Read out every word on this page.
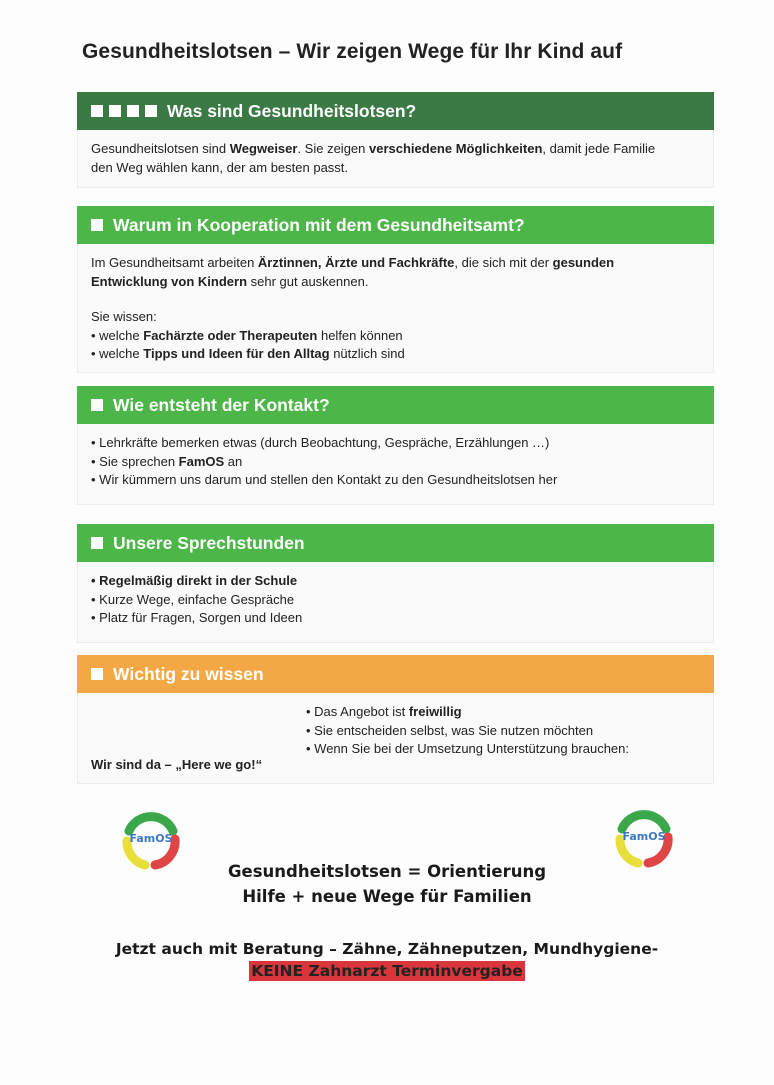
Gesundheitslotsen – Wir zeigen Wege für Ihr Kind auf
Was sind Gesundheitslotsen?

Gesundheitslotsen sind Wegweiser. Sie zeigen verschiedene Möglichkeiten, damit jede Familie

den Weg wählen kann, der am besten passt.

Warum in Kooperation mit dem Gesundheitsamt?

Im Gesundheitsamt arbeiten Ärztinnen, Ärzte und Fachkräfte, die sich mit der gesunden

Entwicklung von Kindern sehr gut auskennen.

Sie wissen:

• welche Fachärzte oder Therapeuten helfen können

• welche Tipps und Ideen für den Alltag nützlich sind

Wie entsteht der Kontakt?

• Lehrkräfte bemerken etwas (durch Beobachtung, Gespräche, Erzählungen …)

• Sie sprechen FamOS an

• Wir kümmern uns darum und stellen den Kontakt zu den Gesundheitslotsen her

Unsere Sprechstunden

• Regelmäßig direkt in der Schule

• Kurze Wege, einfache Gespräche

• Platz für Fragen, Sorgen und Ideen

Wichtig zu wissen

• Das Angebot ist freiwillig

• Sie entscheiden selbst, was Sie nutzen möchten

• Wenn Sie bei der Umsetzung Unterstützung brauchen:

Wir sind da – „Here we go!“

FamOS	FamOS
Gesundheitslotsen = Orientierung
Hilfe + neue Wege für Familien
Jetzt auch mit Beratung – Zähne, Zähneputzen, Mundhygiene-
KEINE Zahnarzt Terminvergabe
